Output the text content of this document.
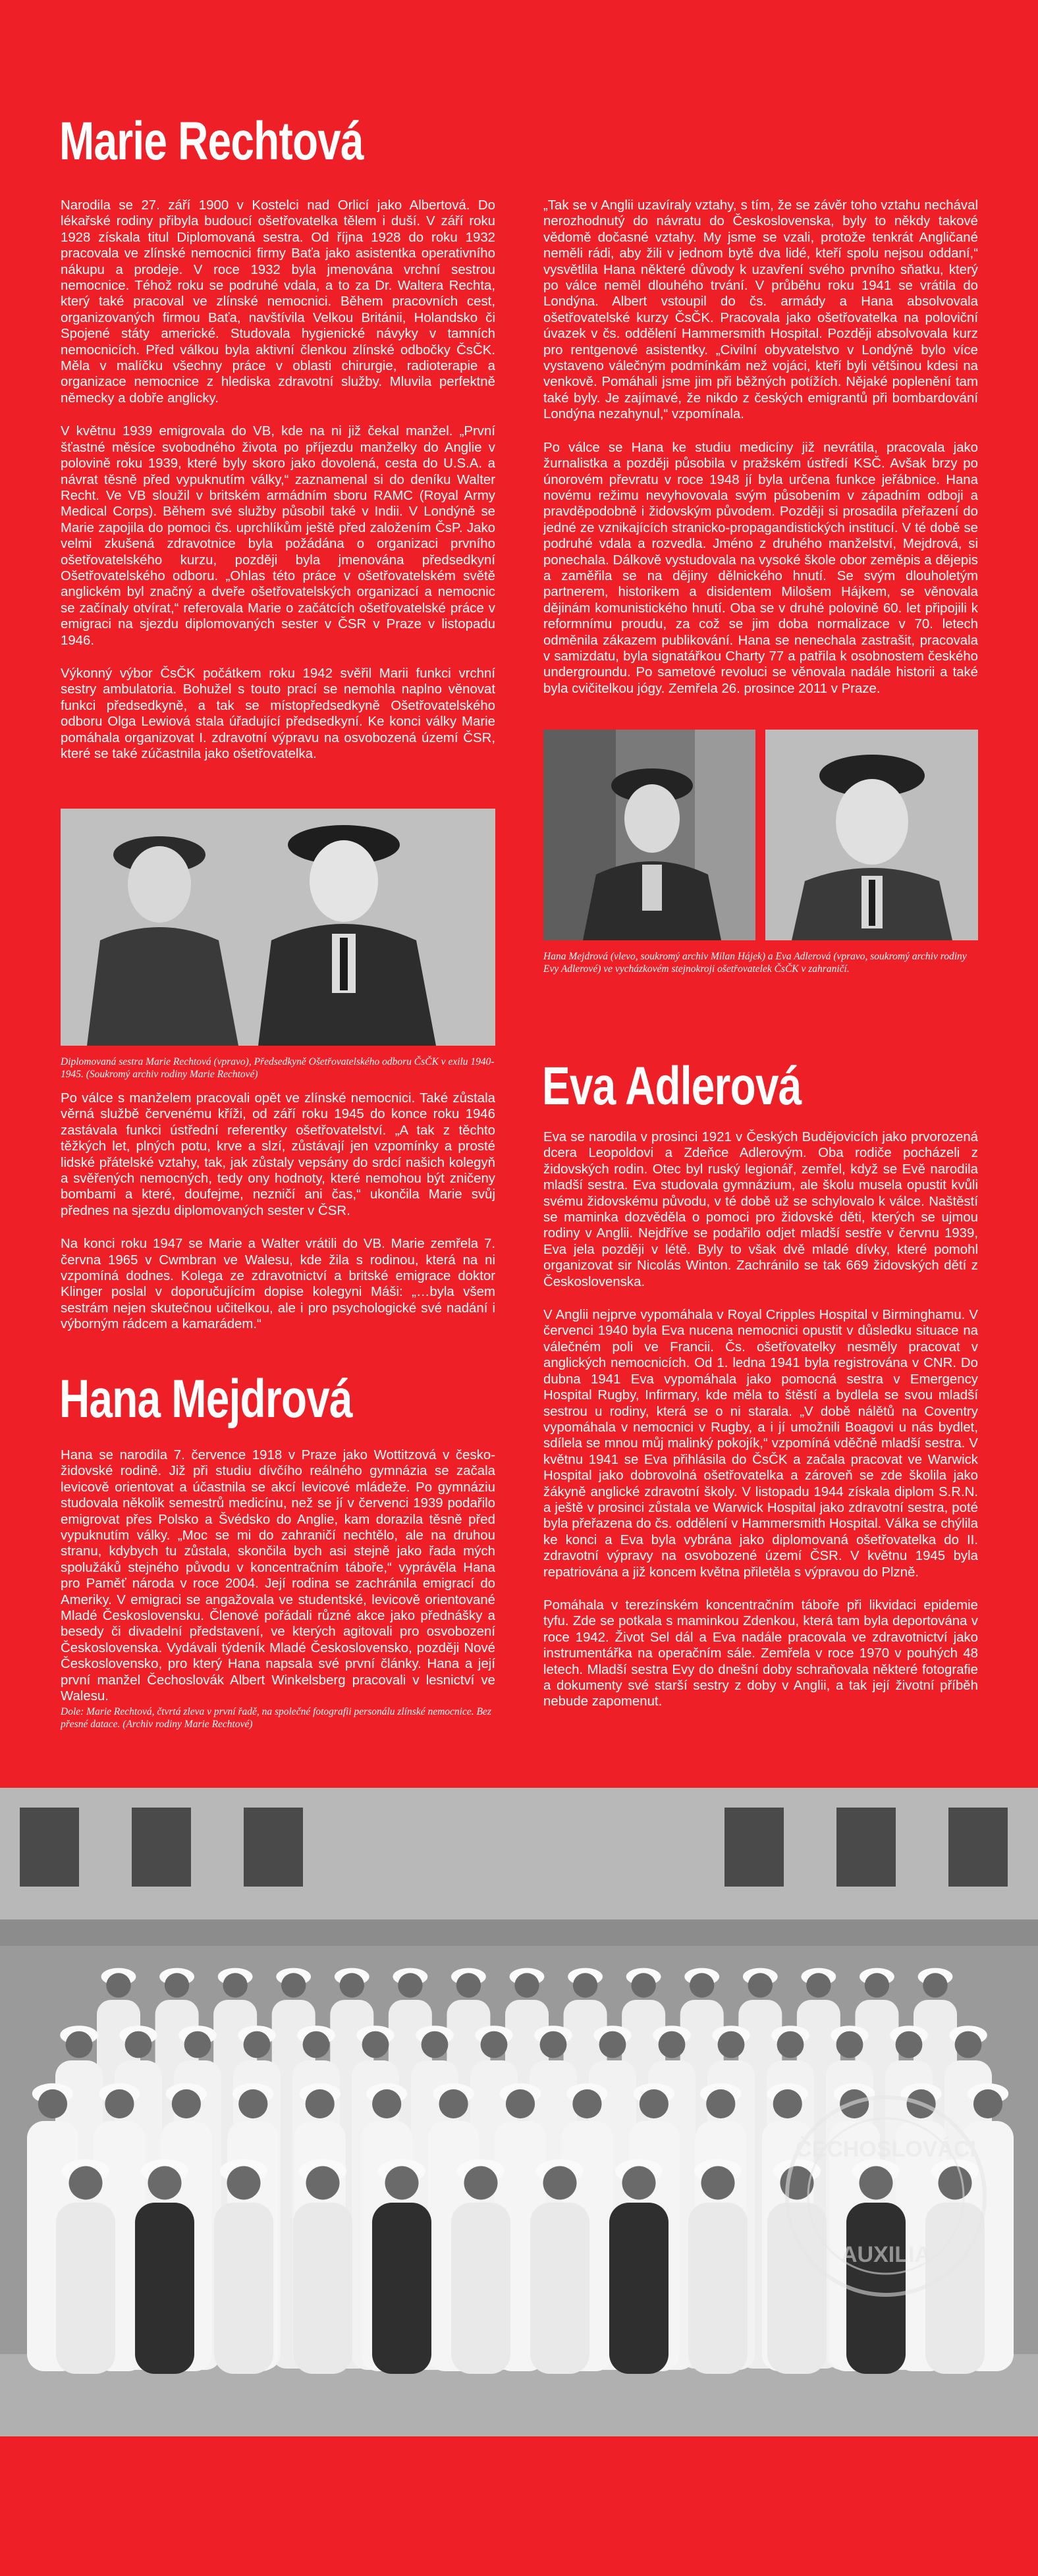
Marie Rechtová

Narodila se 27. září 1900 v Kostelci nad Orlicí jako Albertová. Do lékařské rodiny přibyla budoucí ošetřovatelka tělem i duší. V září roku 1928 získala titul Diplomovaná sestra. Od října 1928 do roku 1932 pracovala ve zlínské nemocnici firmy Baťa jako asistentka operativního nákupu a prodeje. V roce 1932 byla jmenována vrchní sestrou nemocnice. Téhož roku se podruhé vdala, a to za Dr. Waltera Rechta, který také pracoval ve zlínské nemocnici. Během pracovních cest, organizovaných firmou Baťa, navštívila Velkou Británii, Holandsko či Spojené státy americké. Studovala hygienické návyky v tamních nemocnicích. Před válkou byla aktivní členkou zlínské odbočky ČsČK. Měla v malíčku všechny práce v oblasti chirurgie, radioterapie a organizace nemocnice z hlediska zdravotní služby. Mluvila perfektně německy a dobře anglicky.

V květnu 1939 emigrovala do VB, kde na ni již čekal manžel. „První šťastné měsíce svobodného života po příjezdu manželky do Anglie v polovině roku 1939, které byly skoro jako dovolená, cesta do U.S.A. a návrat těsně před vypuknutím války,“ zaznamenal si do deníku Walter Recht. Ve VB sloužil v britském armádním sboru RAMC (Royal Army Medical Corps). Během své služby působil také v Indii. V Londýně se Marie zapojila do pomoci čs. uprchlíkům ještě před založením ČsP. Jako velmi zkušená zdravotnice byla požádána o organizaci prvního ošetřovatelského kurzu, později byla jmenována předsedkyní Ošetřovatelského odboru. „Ohlas této práce v ošetřovatelském světě anglickém byl značný a dveře ošetřovatelských organizací a nemocnic se začínaly otvírat,“ referovala Marie o začátcích ošetřovatelské práce v emigraci na sjezdu diplomovaných sester v ČSR v Praze v listopadu 1946.

Výkonný výbor ČsČK počátkem roku 1942 svěřil Marii funkci vrchní sestry ambulatoria. Bohužel s touto prací se nemohla naplno věnovat funkci předsedkyně, a tak se místopředsedkyně Ošetřovatelského odboru Olga Lewiová stala úřadující předsedkyní. Ke konci války Marie pomáhala organizovat I. zdravotní výpravu na osvobozená území ČSR, které se také zúčastnila jako ošetřovatelka.

Diplomovaná sestra Marie Rechtová (vpravo), Předsedkyně Ošetřovatelského odboru ČsČK v exilu 1940-1945. (Soukromý archiv rodiny Marie Rechtové)

Po válce s manželem pracovali opět ve zlínské nemocnici. Také zůstala věrná službě červenému kříži, od září roku 1945 do konce roku 1946 zastávala funkci ústřední referentky ošetřovatelství. „A tak z těchto těžkých let, plných potu, krve a slzí, zůstávají jen vzpomínky a prosté lidské přátelské vztahy, tak, jak zůstaly vepsány do srdcí našich kolegyň a svěřených nemocných, tedy ony hodnoty, které nemohou být zničeny bombami a které, doufejme, nezničí ani čas,“ ukončila Marie svůj přednes na sjezdu diplomovaných sester v ČSR.

Na konci roku 1947 se Marie a Walter vrátili do VB. Marie zemřela 7. června 1965 v Cwmbran ve Walesu, kde žila s rodinou, která na ni vzpomíná dodnes. Kolega ze zdravotnictví a britské emigrace doktor Klinger poslal v doporučujícím dopise kolegyni Máši: „…byla všem sestrám nejen skutečnou učitelkou, ale i pro psychologické své nadání i výborným rádcem a kamarádem.“

Hana Mejdrová

Hana se narodila 7. července 1918 v Praze jako Wottitzová v česko-židovské rodině. Již při studiu dívčího reálného gymnázia se začala levicově orientovat a účastnila se akcí levicové mládeže. Po gymnáziu studovala několik semestrů medicínu, než se jí v červenci 1939 podařilo emigrovat přes Polsko a Švédsko do Anglie, kam dorazila těsně před vypuknutím války. „Moc se mi do zahraničí nechtělo, ale na druhou stranu, kdybych tu zůstala, skončila bych asi stejně jako řada mých spolužáků stejného původu v koncentračním táboře,“ vyprávěla Hana pro Paměť národa v roce 2004. Její rodina se zachránila emigrací do Ameriky. V emigraci se angažovala ve studentské, levicově orientované Mladé Československu. Členové pořádali různé akce jako přednášky a besedy či divadelní představení, ve kterých agitovali pro osvobození Československa. Vydávali týdeník Mladé Československo, později Nové Československo, pro který Hana napsala své první články. Hana a její první manžel Čechoslovák Albert Winkelsberg pracovali v lesnictví ve Walesu.

Dole: Marie Rechtová, čtvrtá zleva v první řadě, na společné fotografii personálu zlínské nemocnice. Bez přesné datace. (Archiv rodiny Marie Rechtové)

„Tak se v Anglii uzavíraly vztahy, s tím, že se závěr toho vztahu nechával nerozhodnutý do návratu do Československa, byly to někdy takové vědomě dočasné vztahy. My jsme se vzali, protože tenkrát Angličané neměli rádi, aby žili v jednom bytě dva lidé, kteří spolu nejsou oddaní,“ vysvětlila Hana některé důvody k uzavření svého prvního sňatku, který po válce neměl dlouhého trvání. V průběhu roku 1941 se vrátila do Londýna. Albert vstoupil do čs. armády a Hana absolvovala ošetřovatelské kurzy ČsČK. Pracovala jako ošetřovatelka na poloviční úvazek v čs. oddělení Hammersmith Hospital. Později absolvovala kurz pro rentgenové asistentky. „Civilní obyvatelstvo v Londýně bylo více vystaveno válečným podmínkám než vojáci, kteří byli většinou kdesi na venkově. Pomáhali jsme jim při běžných potížích. Nějaké poplenění tam také byly. Je zajímavé, že nikdo z českých emigrantů při bombardování Londýna nezahynul,“ vzpomínala.

Po válce se Hana ke studiu medicíny již nevrátila, pracovala jako žurnalistka a později působila v pražském ústředí KSČ. Avšak brzy po únorovém převratu v roce 1948 jí byla určena funkce jeřábnice. Hana novému režimu nevyhovovala svým působením v západním odboji a pravděpodobně i židovským původem. Později si prosadila přeřazení do jedné ze vznikajících stranicko-propagandistických institucí. V té době se podruhé vdala a rozvedla. Jméno z druhého manželství, Mejdrová, si ponechala. Dálkově vystudovala na vysoké škole obor zeměpis a dějepis a zaměřila se na dějiny dělnického hnutí. Se svým dlouholetým partnerem, historikem a disidentem Milošem Hájkem, se věnovala dějinám komunistického hnutí. Oba se v druhé polovině 60. let připojili k reformnímu proudu, za což se jim doba normalizace v 70. letech odměnila zákazem publikování. Hana se nenechala zastrašit, pracovala v samizdatu, byla signatářkou Charty 77 a patřila k osobnostem českého undergroundu. Po sametové revoluci se věnovala nadále historii a také byla cvičitelkou jógy. Zemřela 26. prosince 2011 v Praze.

Hana Mejdrová (vlevo, soukromý archiv Milan Hájek) a Eva Adlerová (vpravo, soukromý archiv rodiny Evy Adlerové) ve vycházkovém stejnokroji ošetřovatelek ČsČK v zahraničí.
Eva Adlerová

Eva se narodila v prosinci 1921 v Českých Budějovicích jako prvorozená dcera Leopoldovi a Zdeňce Adlerovým. Oba rodiče pocházeli z židovských rodin. Otec byl ruský legionář, zemřel, když se Evě narodila mladší sestra. Eva studovala gymnázium, ale školu musela opustit kvůli svému židovskému původu, v té době už se schylovalo k válce. Naštěstí se maminka dozvěděla o pomoci pro židovské děti, kterých se ujmou rodiny v Anglii. Nejdříve se podařilo odjet mladší sestře v červnu 1939, Eva jela později v létě. Byly to však dvě mladé dívky, které pomohl organizovat sir Nicolás Winton. Zachránilo se tak 669 židovských dětí z Československa.

V Anglii nejprve vypomáhala v Royal Cripples Hospital v Birminghamu. V červenci 1940 byla Eva nucena nemocnici opustit v důsledku situace na válečném poli ve Francii. Čs. ošetřovatelky nesměly pracovat v anglických nemocnicích. Od 1. ledna 1941 byla registrována v CNR. Do dubna 1941 Eva vypomáhala jako pomocná sestra v Emergency Hospital Rugby, Infirmary, kde měla to štěstí a bydlela se svou mladší sestrou u rodiny, která se o ni starala. „V době nálětů na Coventry vypomáhala v nemocnici v Rugby, a i jí umožnili Boagovi u nás bydlet, sdílela se mnou můj malinký pokojík,“ vzpomíná vděčně mladší sestra. V květnu 1941 se Eva přihlásila do ČsČK a začala pracovat ve Warwick Hospital jako dobrovolná ošetřovatelka a zároveň se zde školila jako žákyně anglické zdravotní školy. V listopadu 1944 získala diplom S.R.N. a ještě v prosinci zůstala ve Warwick Hospital jako zdravotní sestra, poté byla přeřazena do čs. oddělení v Hammersmith Hospital. Válka se chýlila ke konci a Eva byla vybrána jako diplomovaná ošetřovatelka do II. zdravotní výpravy na osvobozené území ČSR. V květnu 1945 byla repatriována a již koncem května přiletěla s výpravou do Plzně.

Pomáhala v terezínském koncentračním táboře při likvidaci epidemie tyfu. Zde se potkala s maminkou Zdenkou, která tam byla deportována v roce 1942. Život Sel dál a Eva nadále pracovala ve zdravotnictví jako instrumentářka na operačním sále. Zemřela v roce 1970 v pouhých 48 letech. Mladší sestra Evy do dnešní doby schraňovala některé fotografie a dokumenty své starší sestry z doby v Anglii, a tak její životní příběh nebude zapomenut.

ČECHOSLOVÁCI
AUXILIA
